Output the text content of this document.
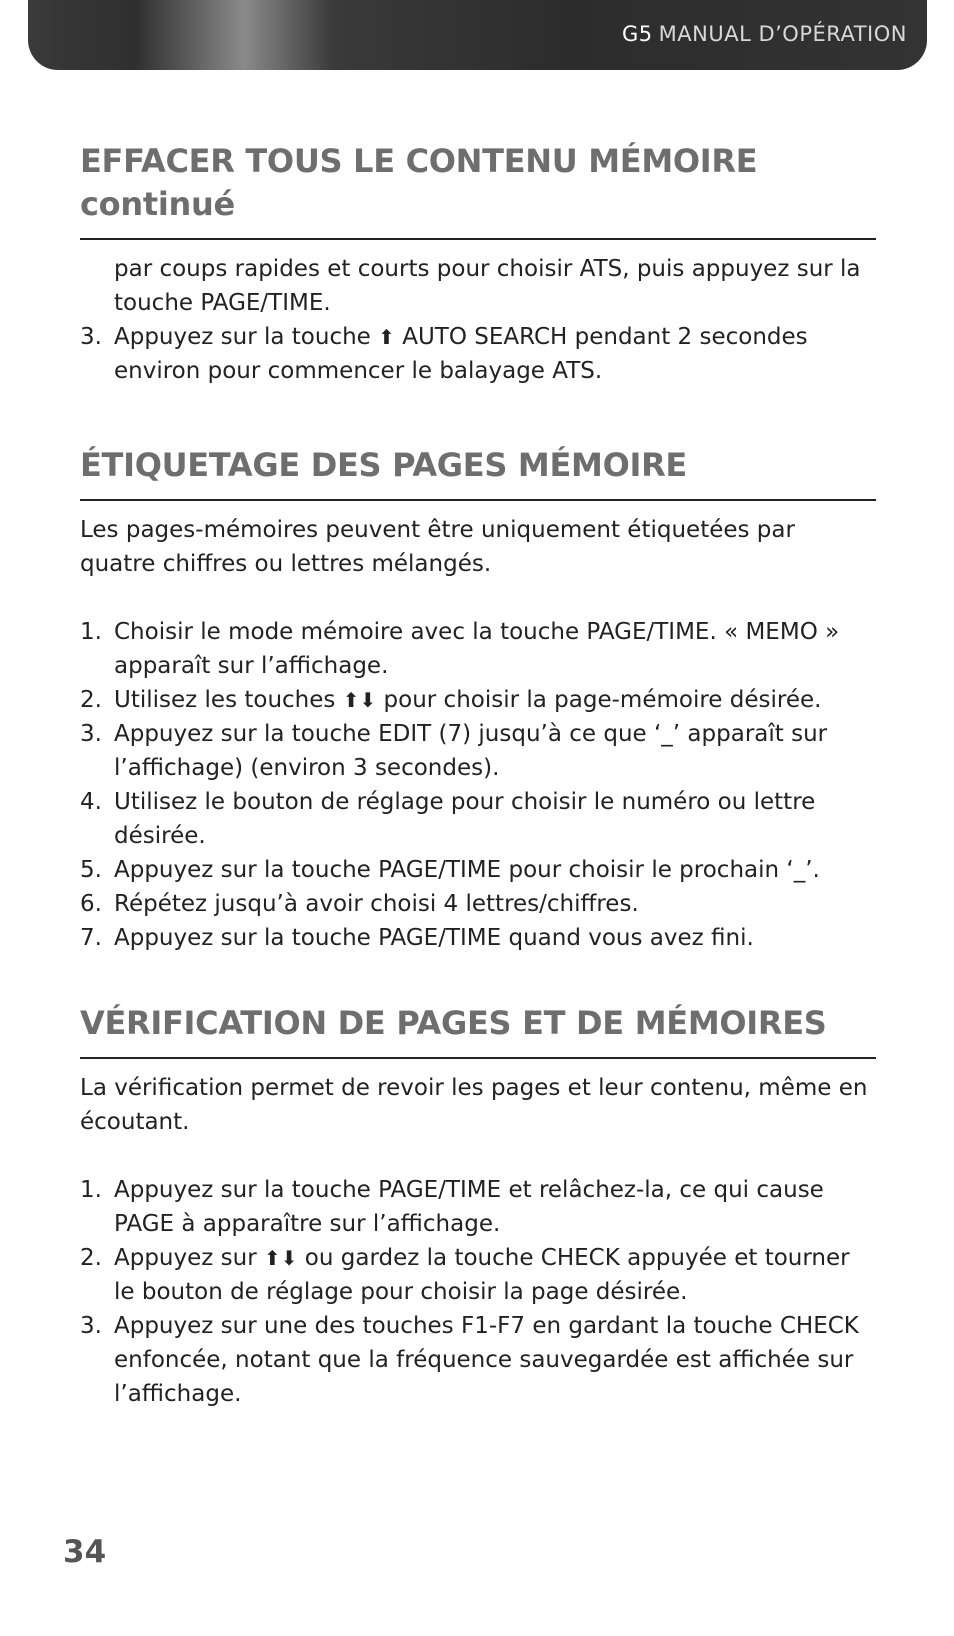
G5 MANUAL D’OPÉRATION
EFFACER TOUS LE CONTENU MÉMOIRE
continué
par coups rapides et courts pour choisir ATS, puis appuyez sur la touche PAGE/TIME.
3. Appuyez sur la touche ⬆ AUTO SEARCH pendant 2 secondes environ pour commencer le balayage ATS.
ÉTIQUETAGE DES PAGES MÉMOIRE

Les pages-mémoires peuvent être uniquement étiquetées par quatre chiffres ou lettres mélangés.

1. Choisir le mode mémoire avec la touche PAGE/TIME. « MEMO » apparaît sur l’affichage.
2. Utilisez les touches ⬆⬇ pour choisir la page-mémoire désirée.
3. Appuyez sur la touche EDIT (7) jusqu’à ce que ‘_’ apparaît sur l’affichage) (environ 3 secondes).
4. Utilisez le bouton de réglage pour choisir le numéro ou lettre désirée.
5. Appuyez sur la touche PAGE/TIME pour choisir le prochain ‘_’.
6. Répétez jusqu’à avoir choisi 4 lettres/chiffres.
7. Appuyez sur la touche PAGE/TIME quand vous avez fini.
VÉRIFICATION DE PAGES ET DE MÉMOIRES

La vérification permet de revoir les pages et leur contenu, même en écoutant.

1. Appuyez sur la touche PAGE/TIME et relâchez-la, ce qui cause PAGE à apparaître sur l’affichage.
2. Appuyez sur ⬆⬇ ou gardez la touche CHECK appuyée et tourner le bouton de réglage pour choisir la page désirée.
3. Appuyez sur une des touches F1-F7 en gardant la touche CHECK enfoncée, notant que la fréquence sauvegardée est affichée sur l’affichage.
34
